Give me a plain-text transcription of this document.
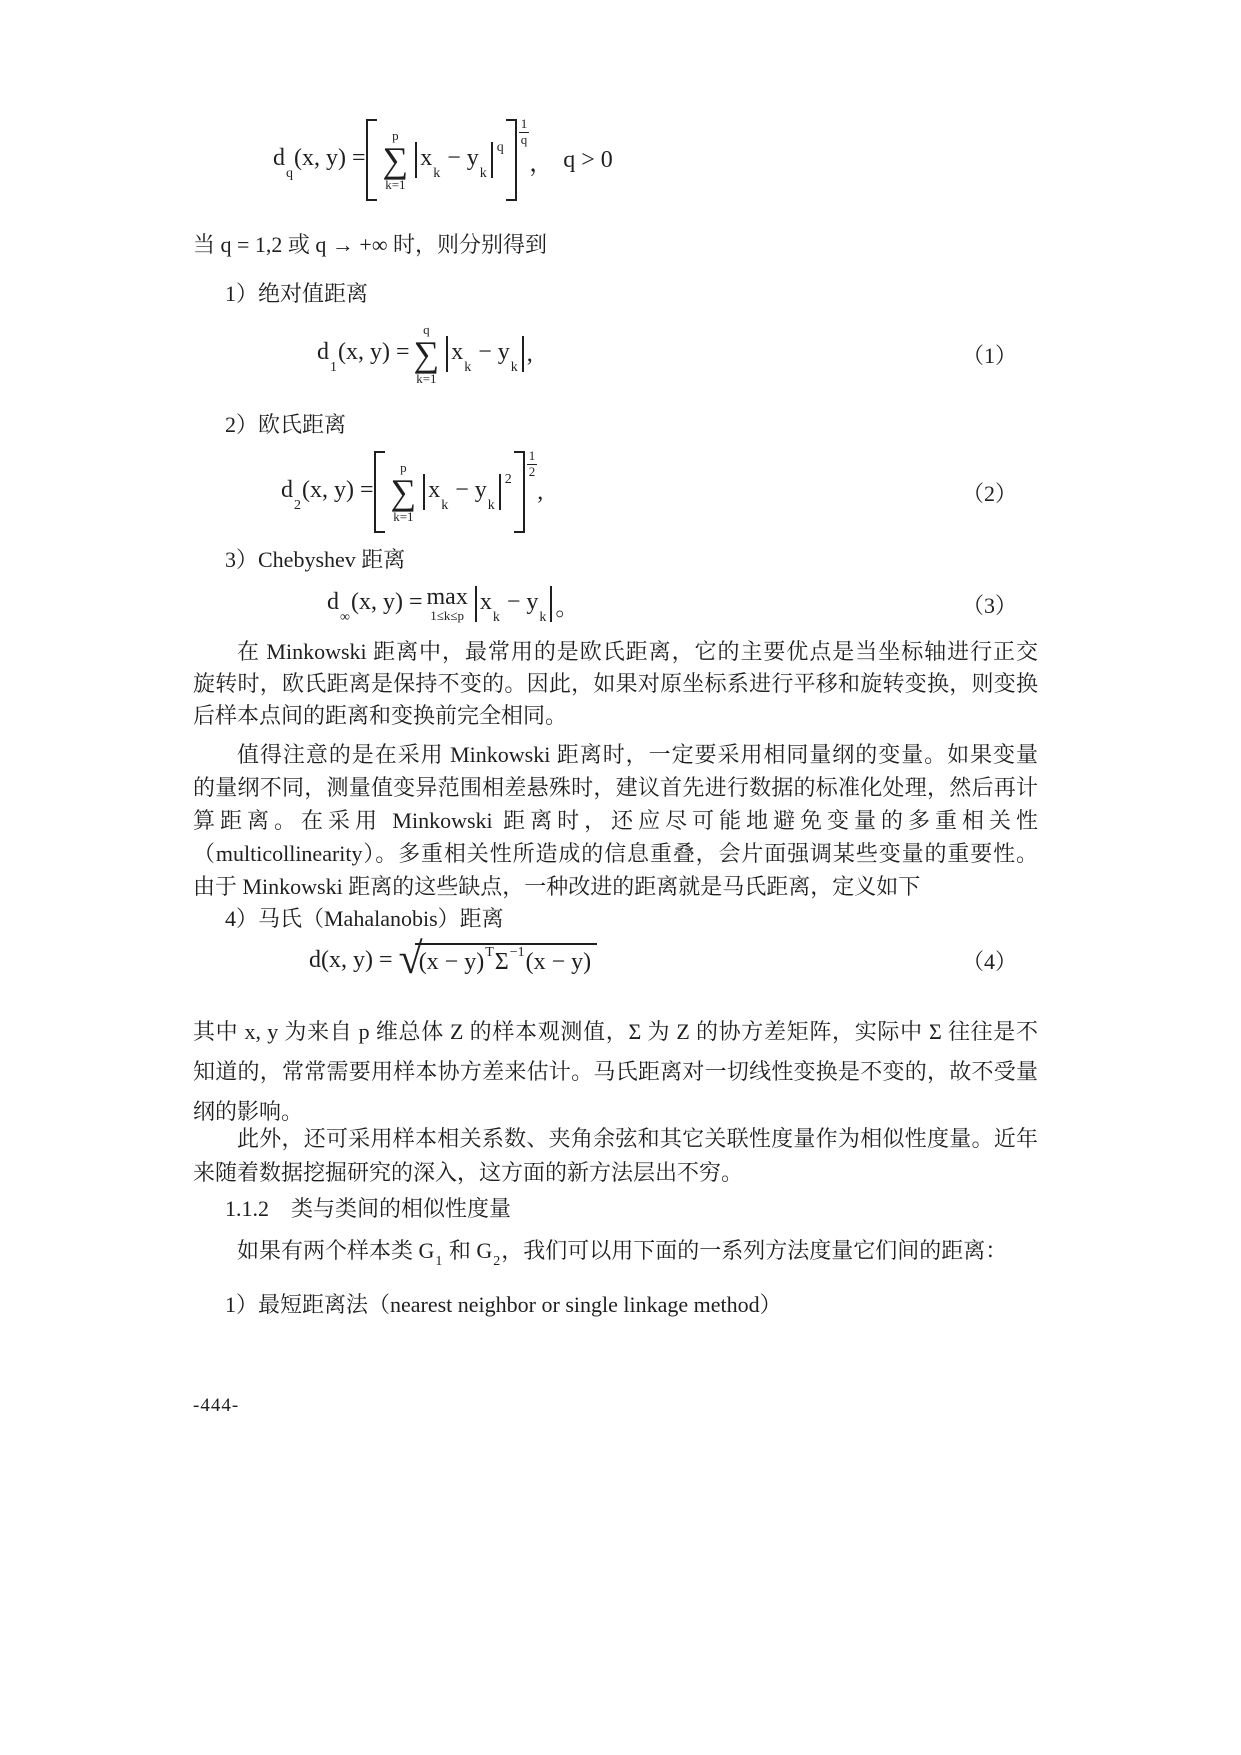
$d_q(x$, y) =
p
∑
k=1
$x_k - y_k$
q
$\frac{1}{q}$
， q > 0
当 q = 1,2 或 q → +∞ 时，则分别得到
1）绝对值距离
$d_1(x$, y) =
q
∑
k=1
$x_k - y_k$
,	（1）
2）欧氏距离
$d_2(x$, y) =
p
∑
k=1
$x_k - y_k$
2
$\frac{1}{2}$
,	（2）
3）Chebyshev 距离
$d_\infty(x$, y) = max
1≤k≤p
$x_k - y_k$ 。	（3）
在 Minkowski 距离中，最常用的是欧氏距离，它的主要优点是当坐标轴进行正交
旋转时，欧氏距离是保持不变的。因此，如果对原坐标系进行平移和旋转变换，则变换
后样本点间的距离和变换前完全相同。
值得注意的是在采用 Minkowski 距离时，一定要采用相同量纲的变量。如果变量
的量纲不同，测量值变异范围相差悬殊时，建议首先进行数据的标准化处理，然后再计
算距离。在采用 Minkowski 距离时，还应尽可能地避免变量的多重相关性
（multicollinearity）。多重相关性所造成的信息重叠，会片面强调某些变量的重要性。
由于 Minkowski 距离的这些缺点，一种改进的距离就是马氏距离，定义如下
4）马氏（Mahalanobis）距离
d(x, y) = √
$(x - y)^T$ $\Sigma^{-1}$ (x − y)	（4）
其中 x, y 为来自 p 维总体 Z 的样本观测值，Σ 为 Z 的协方差矩阵，实际中 Σ 往往是不
知道的，常常需要用样本协方差来估计。马氏距离对一切线性变换是不变的，故不受量
纲的影响。
此外，还可采用样本相关系数、夹角余弦和其它关联性度量作为相似性度量。近年
来随着数据挖掘研究的深入，这方面的新方法层出不穷。
1.1.2　类与类间的相似性度量
如果有两个样本类 $G_1$ 和 $G_2$，我们可以用下面的一系列方法度量它们间的距离：
1）最短距离法（nearest neighbor or single linkage method）
-444-
